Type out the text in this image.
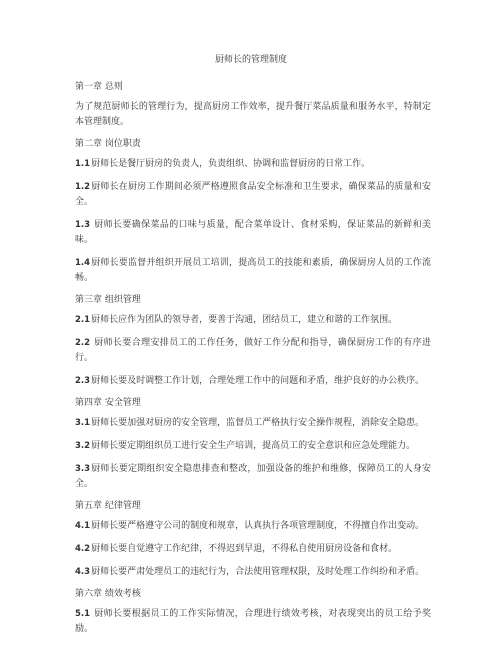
厨师长的管理制度
第一章 总则
为了规范厨师长的管理行为，提高厨房工作效率，提升餐厅菜品质量和服务水平，特制定本管理制度。
第二章 岗位职责
1.1厨师长是餐厅厨房的负责人，负责组织、协调和监督厨房的日常工作。
1.2厨师长在厨房工作期间必须严格遵照食品安全标准和卫生要求，确保菜品的质量和安全。
1.3 厨师长要确保菜品的口味与质量，配合菜单设计、食材采购，保证菜品的新鲜和美味。
1.4厨师长要监督并组织开展员工培训，提高员工的技能和素质，确保厨房人员的工作流畅。
第三章 组织管理
2.1厨师长应作为团队的领导者，要善于沟通，团结员工，建立和谐的工作氛围。
2.2 厨师长要合理安排员工的工作任务，做好工作分配和指导，确保厨房工作的有序进行。
2.3厨师长要及时调整工作计划，合理处理工作中的问题和矛盾，维护良好的办公秩序。
第四章 安全管理
3.1厨师长要加强对厨房的安全管理，监督员工严格执行安全操作规程，消除安全隐患。
3.2厨师长要定期组织员工进行安全生产培训，提高员工的安全意识和应急处理能力。
3.3厨师长要定期组织安全隐患排查和整改，加强设备的维护和维修，保障员工的人身安全。
第五章 纪律管理
4.1厨师长要严格遵守公司的制度和规章，认真执行各项管理制度，不得擅自作出变动。
4.2厨师长要自觉遵守工作纪律，不得迟到早退，不得私自使用厨房设备和食材。
4.3厨师长要严肃处理员工的违纪行为，合法使用管理权限，及时处理工作纠纷和矛盾。
第六章 绩效考核
5.1 厨师长要根据员工的工作实际情况，合理进行绩效考核，对表现突出的员工给予奖励。
